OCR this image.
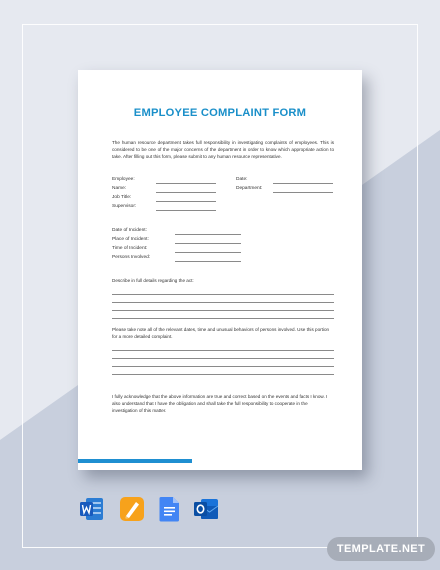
EMPLOYEE COMPLAINT FORM
The human resource department takes full responsibility in investigating complaints of employees. This is considered to be one of the major concerns of the department in order to know which appropriate action to take. After filling out this form, please submit to any human resource representative.
Employee:
Name:
Job Title:
Supervisor:
Date:
Department:
Date of Incident:
Place of Incident:
Time of Incident:
Persons Involved:
Describe in full details regarding the act:
Please take note all of the relevant dates, time and unusual behaviors of persons involved. Use this portion for a more detailed complaint.
I fully acknowledge that the above information are true and correct based on the events and facts I know. I also understand that I have the obligation and shall take the full responsibility to cooperate in the investigation of this matter.
TEMPLATE.NET
